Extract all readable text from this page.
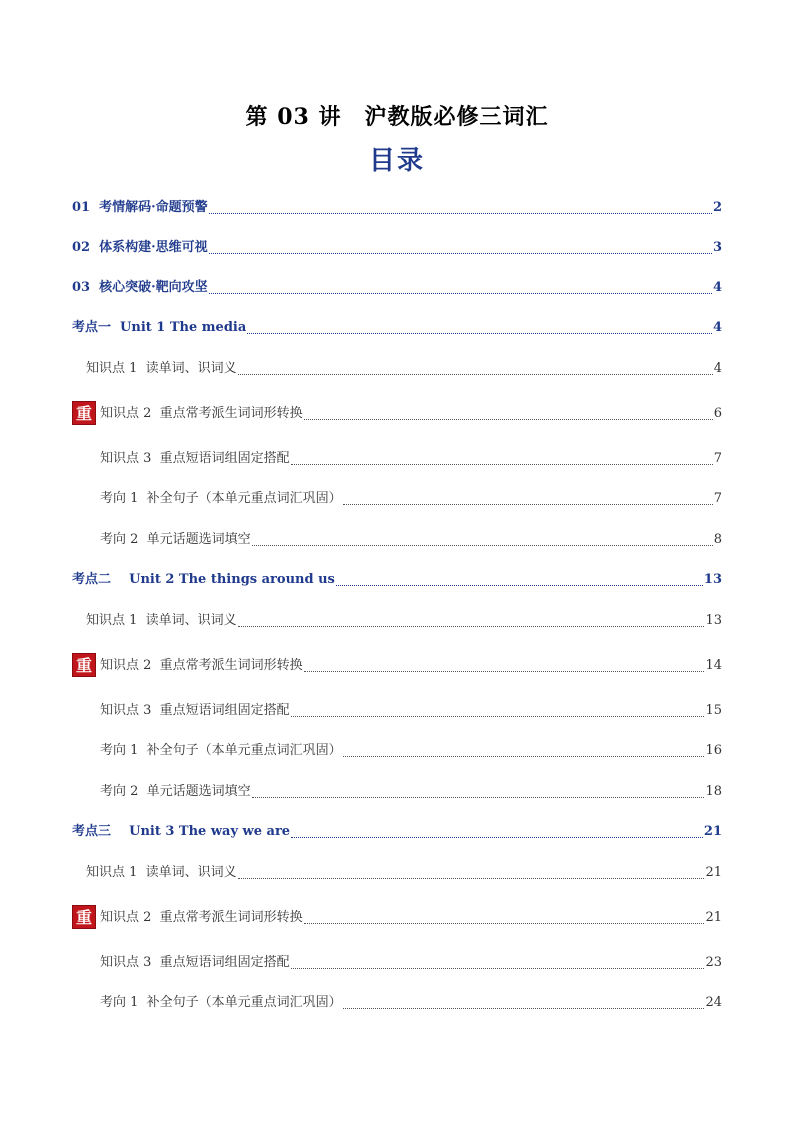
第 03 讲　沪教版必修三词汇
目录
01  考情解码·命题预警	2
02  体系构建·思维可视	3
03  核心突破·靶向攻坚	4
考点一  Unit 1 The media	4
知识点 1  读单词、识词义	4
知识点 2  重点常考派生词词形转换	6
重
知识点 3  重点短语词组固定搭配	7
考向 1  补全句子（本单元重点词汇巩固）	7
考向 2  单元话题选词填空	8
考点二    Unit 2 The things around us	13
知识点 1  读单词、识词义	13
知识点 2  重点常考派生词词形转换	14
重
知识点 3  重点短语词组固定搭配	15
考向 1  补全句子（本单元重点词汇巩固）	16
考向 2  单元话题选词填空	18
考点三    Unit 3 The way we are	21
知识点 1  读单词、识词义	21
知识点 2  重点常考派生词词形转换	21
重
知识点 3  重点短语词组固定搭配	23
考向 1  补全句子（本单元重点词汇巩固）	24
